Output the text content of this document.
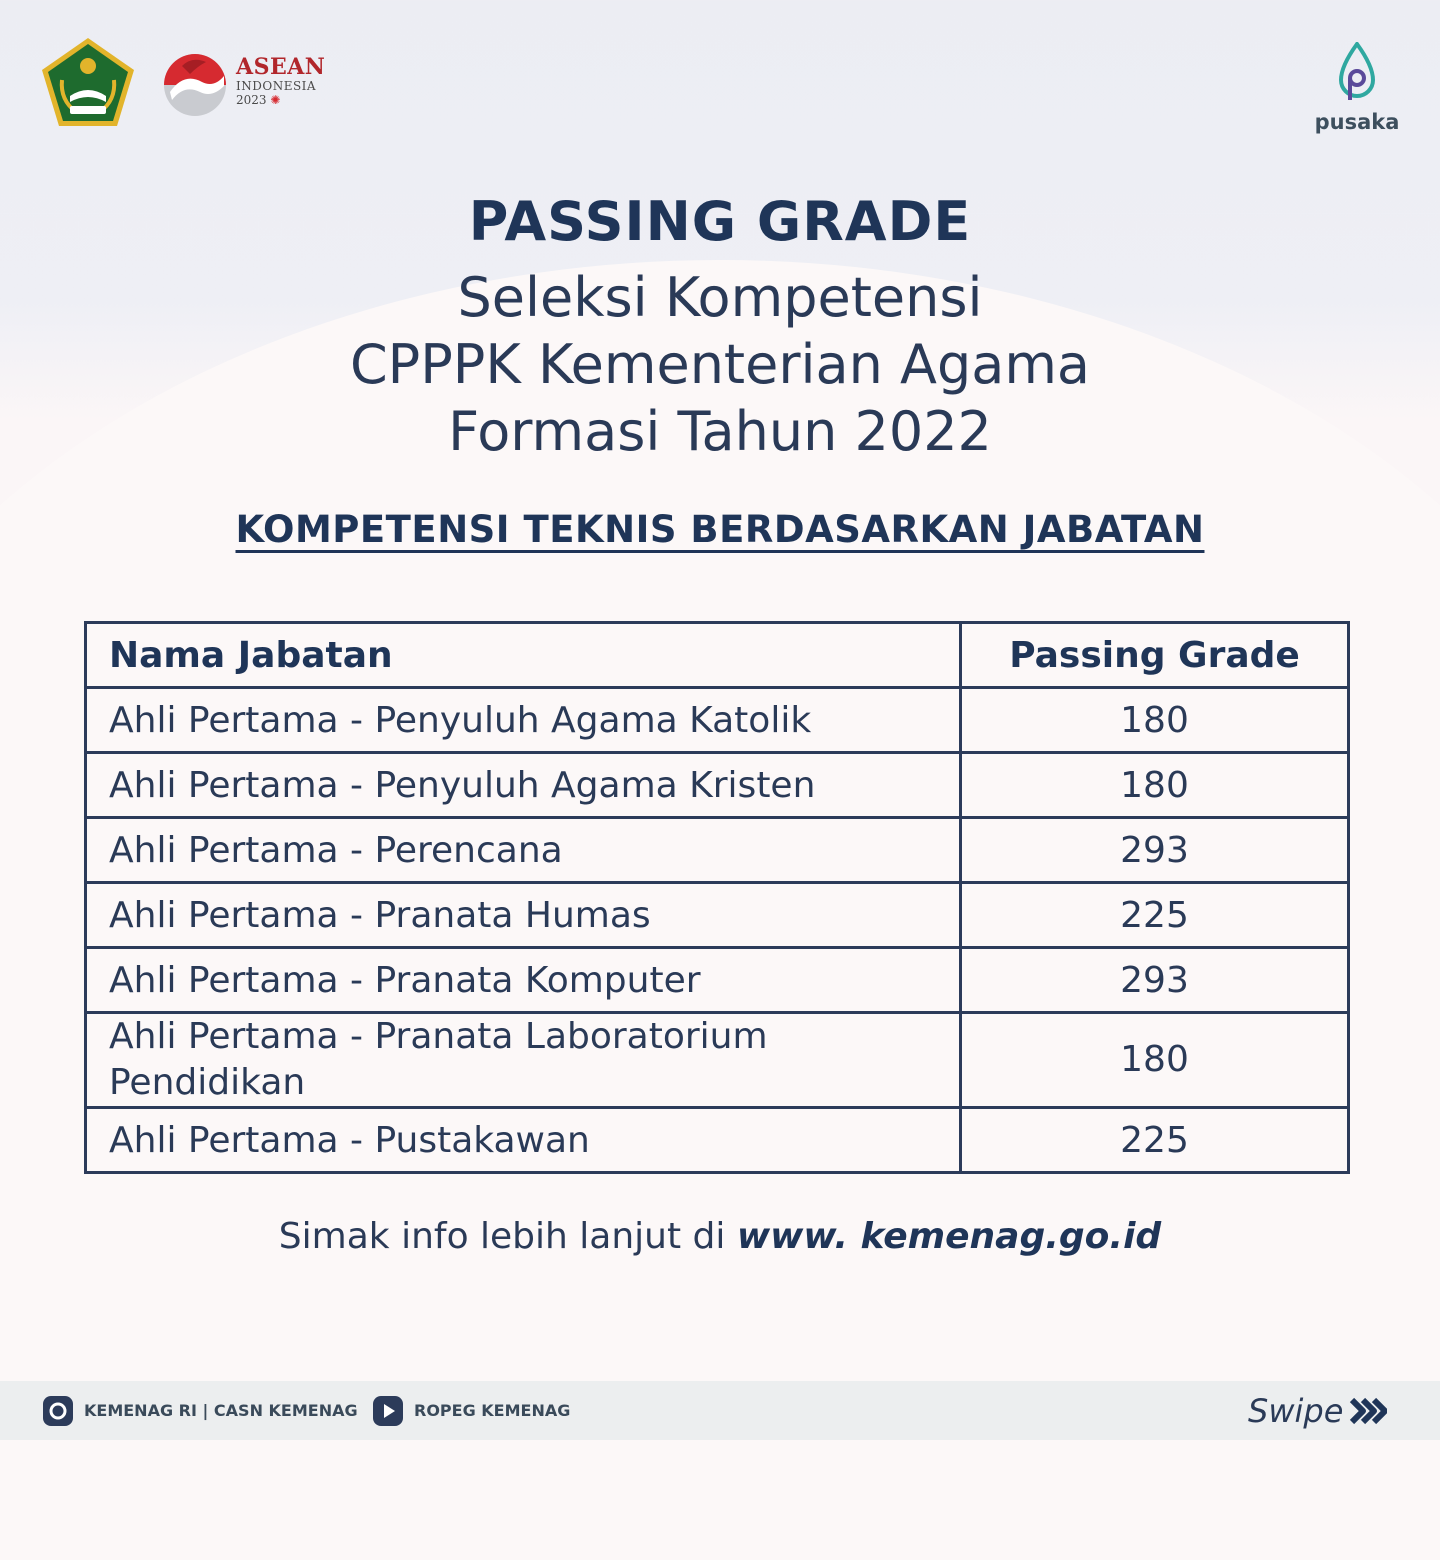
ASEAN
INDONESIA
2023 ✺
pusaka
PASSING GRADE
Seleksi Kompetensi
CPPPK Kementerian Agama
Formasi Tahun 2022
KOMPETENSI TEKNIS BERDASARKAN JABATAN
Nama Jabatan	Passing Grade
Ahli Pertama - Penyuluh Agama Katolik	180
Ahli Pertama - Penyuluh Agama Kristen	180
Ahli Pertama - Perencana	293
Ahli Pertama - Pranata Humas	225
Ahli Pertama - Pranata Komputer	293

Ahli Pertama - Pranata Laboratorium
Pendidikan	180
Ahli Pertama - Pustakawan	225
Simak info lebih lanjut di www. kemenag.go.id
KEMENAG RI | CASN KEMENAG	ROPEG KEMENAG	Swipe
